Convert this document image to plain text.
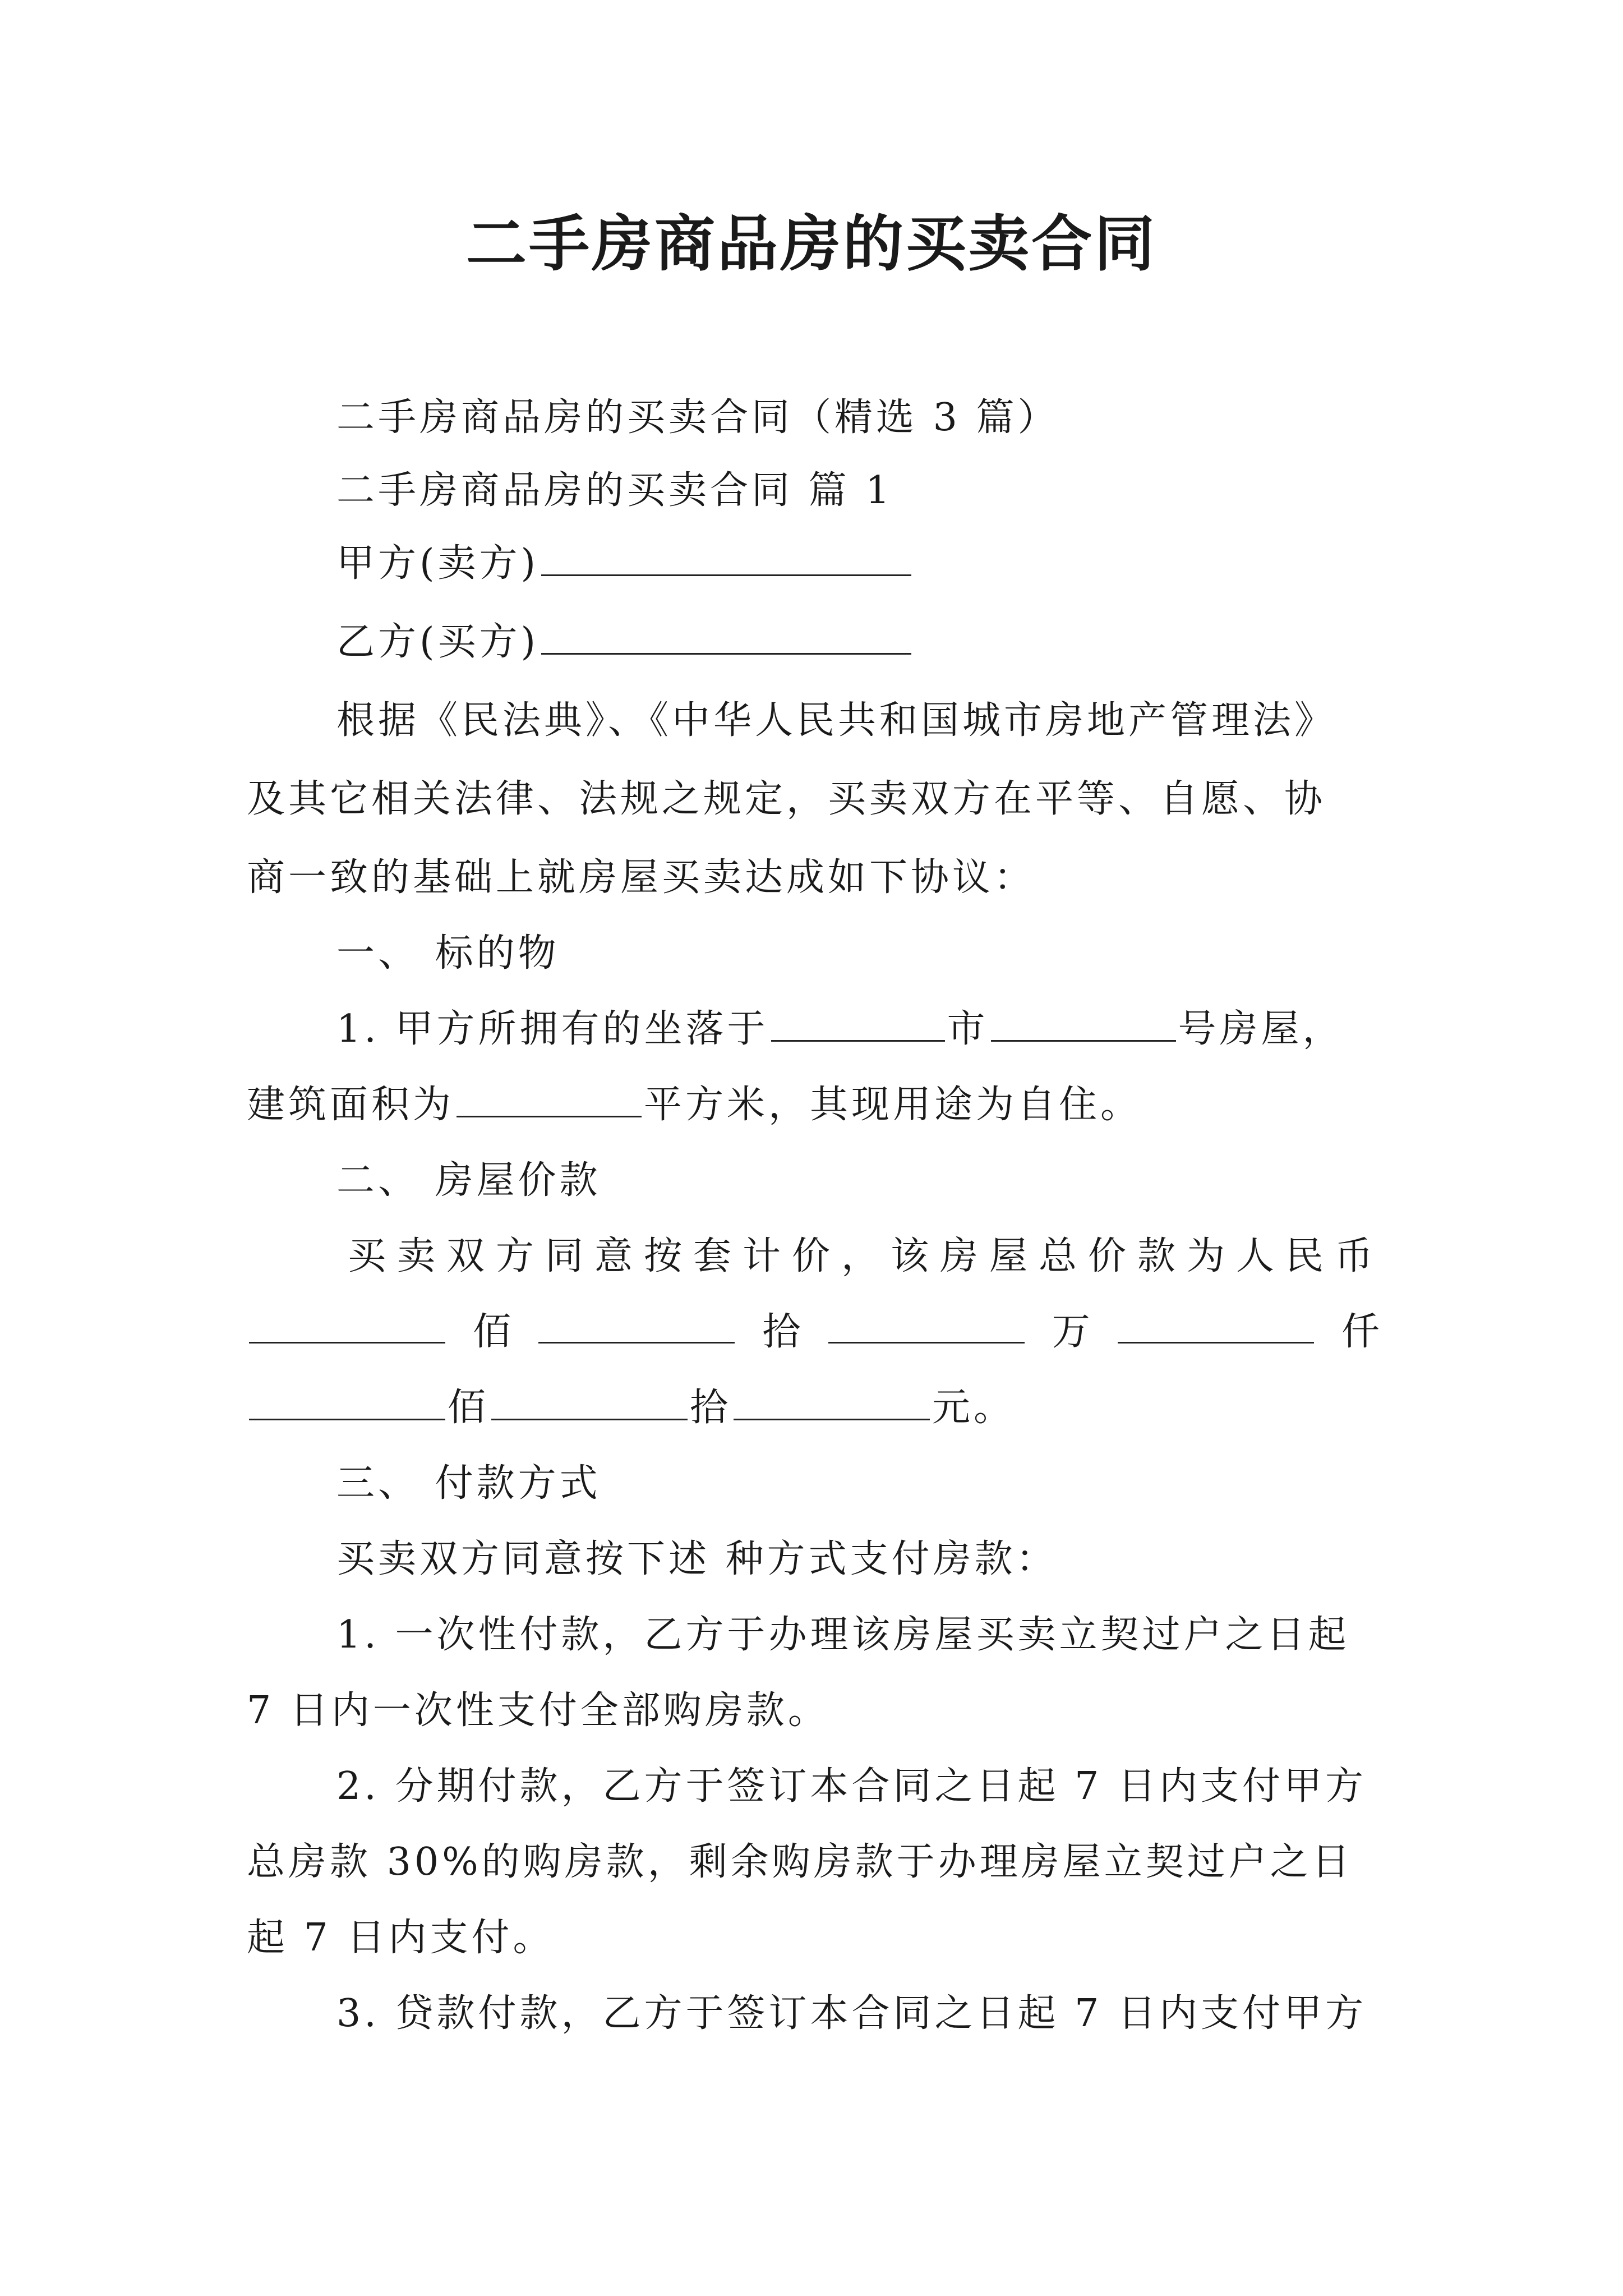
二手房商品房的买卖合同
二手房商品房的买卖合同（精选 3 篇）
二手房商品房的买卖合同 篇 1
甲方(卖方)
乙方(买方)
根据《民法典》、《中华人民共和国城市房地产管理法》
及其它相关法律、法规之规定，买卖双方在平等、自愿、协
商一致的基础上就房屋买卖达成如下协议：
一、 标的物
1. 甲方所拥有的坐落于	市	号房屋，
建筑面积为	平方米，其现用途为自住。
二、 房屋价款
买卖双方同意按套计价，该房屋总价款为人民币
佰	拾	万	仟
佰	拾	元。
三、 付款方式
买卖双方同意按下述 种方式支付房款：
1. 一次性付款，乙方于办理该房屋买卖立契过户之日起
7 日内一次性支付全部购房款。
2. 分期付款，乙方于签订本合同之日起 7 日内支付甲方
总房款 30%的购房款，剩余购房款于办理房屋立契过户之日
起 7 日内支付。
3. 贷款付款，乙方于签订本合同之日起 7 日内支付甲方
